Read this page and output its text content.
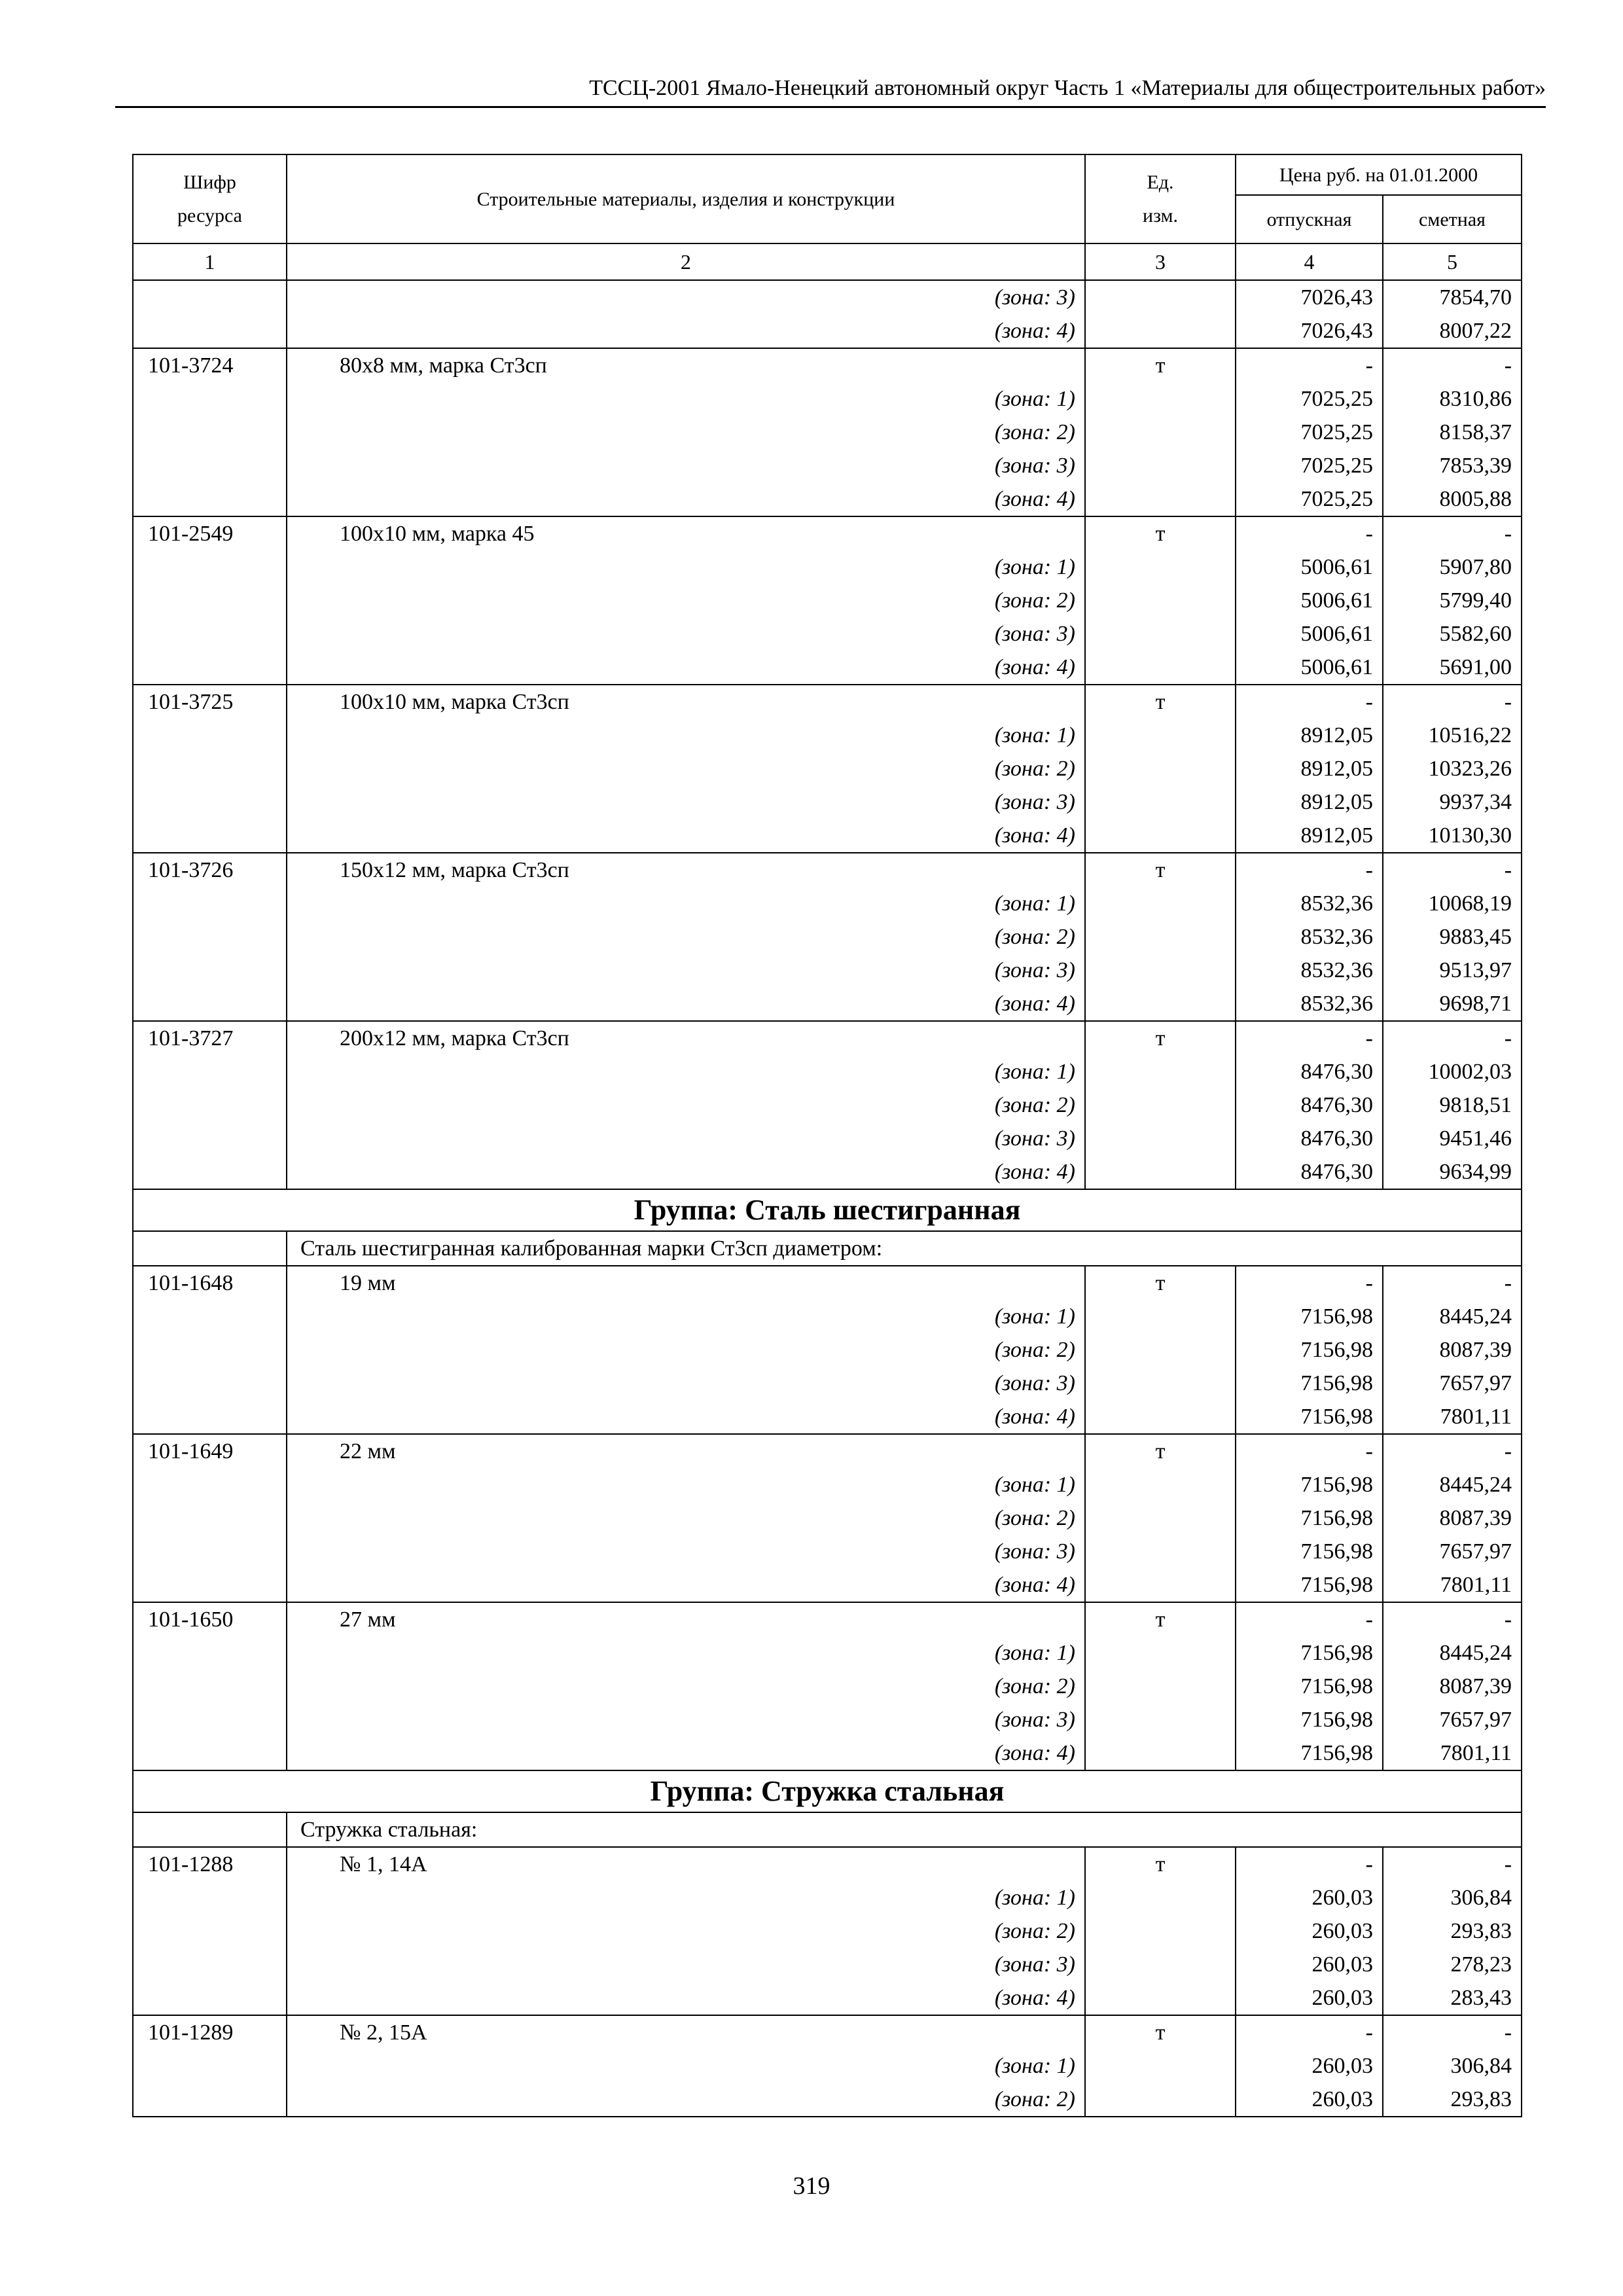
ТССЦ-2001 Ямало-Ненецкий автономный округ Часть 1 «Материалы для общестроительных работ»
Шифр
ресурса	Строительные материалы, изделия и конструкции	Ед.
изм.	Цена руб. на 01.01.2000	
			отпускная	сметная
1	2	3	4	5
	(зона: 3)		7026,43	7854,70
	(зона: 4)		7026,43	8007,22
101-3724	80х8 мм, марка Ст3сп	т	-	-
	(зона: 1)		7025,25	8310,86
	(зона: 2)		7025,25	8158,37
	(зона: 3)		7025,25	7853,39
	(зона: 4)		7025,25	8005,88
101-2549	100х10 мм, марка 45	т	-	-
	(зона: 1)		5006,61	5907,80
	(зона: 2)		5006,61	5799,40
	(зона: 3)		5006,61	5582,60
	(зона: 4)		5006,61	5691,00
101-3725	100х10 мм, марка Ст3сп	т	-	-
	(зона: 1)		8912,05	10516,22
	(зона: 2)		8912,05	10323,26
	(зона: 3)		8912,05	9937,34
	(зона: 4)		8912,05	10130,30
101-3726	150х12 мм, марка Ст3сп	т	-	-
	(зона: 1)		8532,36	10068,19
	(зона: 2)		8532,36	9883,45
	(зона: 3)		8532,36	9513,97
	(зона: 4)		8532,36	9698,71
101-3727	200х12 мм, марка Ст3сп	т	-	-
	(зона: 1)		8476,30	10002,03
	(зона: 2)		8476,30	9818,51
	(зона: 3)		8476,30	9451,46
	(зона: 4)		8476,30	9634,99
Группа: Сталь шестигранная				
	Сталь шестигранная калиброванная марки Ст3сп диаметром:			
101-1648	19 мм	т	-	-
	(зона: 1)		7156,98	8445,24
	(зона: 2)		7156,98	8087,39
	(зона: 3)		7156,98	7657,97
	(зона: 4)		7156,98	7801,11
101-1649	22 мм	т	-	-
	(зона: 1)		7156,98	8445,24
	(зона: 2)		7156,98	8087,39
	(зона: 3)		7156,98	7657,97
	(зона: 4)		7156,98	7801,11
101-1650	27 мм	т	-	-
	(зона: 1)		7156,98	8445,24
	(зона: 2)		7156,98	8087,39
	(зона: 3)		7156,98	7657,97
	(зона: 4)		7156,98	7801,11
Группа: Стружка стальная				
	Стружка стальная:			
101-1288	№ 1, 14А	т	-	-
	(зона: 1)		260,03	306,84
	(зона: 2)		260,03	293,83
	(зона: 3)		260,03	278,23
	(зона: 4)		260,03	283,43
101-1289	№ 2, 15А	т	-	-
	(зона: 1)		260,03	306,84
	(зона: 2)		260,03	293,83
319
